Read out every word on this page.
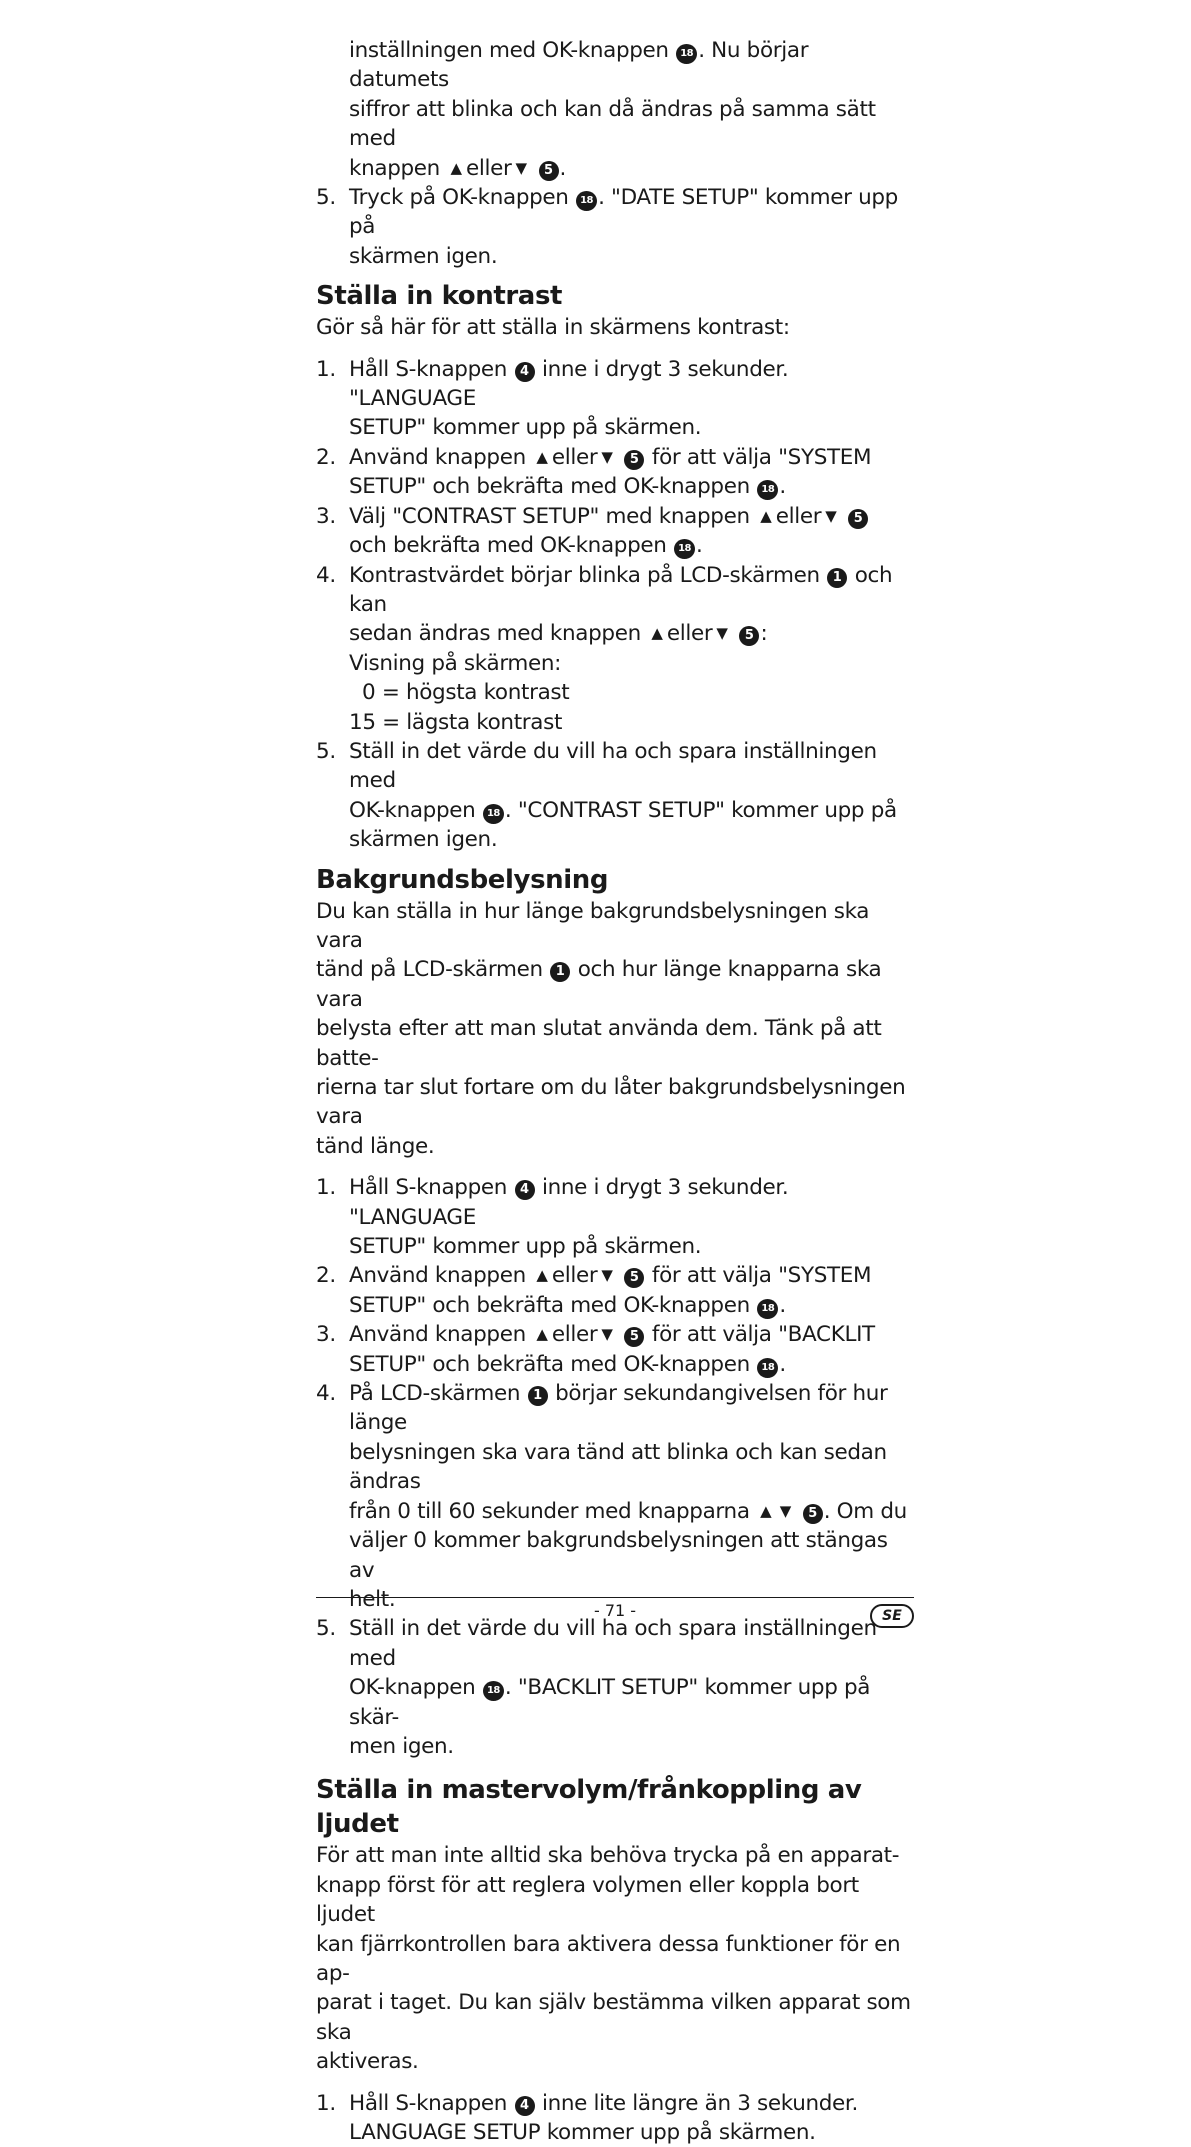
inställningen med OK-knappen 18 . Nu börjar datumets
siffror att blinka och kan då ändras på samma sätt med
knappen ▲ eller ▼ 5 .
5. Tryck på OK-knappen 18 . "DATE SETUP" kommer upp på
skärmen igen.
Ställa in kontrast

Gör så här för att ställa in skärmens kontrast:

1. Håll S-knappen 4 inne i drygt 3 sekunder. "LANGUAGE
SETUP" kommer upp på skärmen.
2. Använd knappen ▲ eller ▼ 5 för att välja "SYSTEM
SETUP" och bekräfta med OK-knappen 18 .
3. Välj "CONTRAST SETUP" med knappen ▲ eller ▼ 5
och bekräfta med OK-knappen 18 .
4. Kontrastvärdet börjar blinka på LCD-skärmen 1 och kan
sedan ändras med knappen ▲ eller ▼ 5 :
Visning på skärmen:
0 = högsta kontrast
15 = lägsta kontrast
5. Ställ in det värde du vill ha och spara inställningen med
OK-knappen 18 . "CONTRAST SETUP" kommer upp på
skärmen igen.
Bakgrundsbelysning

Du kan ställa in hur länge bakgrundsbelysningen ska vara
tänd på LCD-skärmen 1 och hur länge knapparna ska vara
belysta efter att man slutat använda dem. Tänk på att batte-
rierna tar slut fortare om du låter bakgrundsbelysningen vara
tänd länge.

1. Håll S-knappen 4 inne i drygt 3 sekunder. "LANGUAGE
SETUP" kommer upp på skärmen.
2. Använd knappen ▲ eller ▼ 5 för att välja "SYSTEM
SETUP" och bekräfta med OK-knappen 18 .
3. Använd knappen ▲ eller ▼ 5 för att välja "BACKLIT
SETUP" och bekräfta med OK-knappen 18 .
4. På LCD-skärmen 1 börjar sekundangivelsen för hur länge
belysningen ska vara tänd att blinka och kan sedan ändras
från 0 till 60 sekunder med knapparna ▲ ▼ 5 . Om du
väljer 0 kommer bakgrundsbelysningen att stängas av
helt.
5. Ställ in det värde du vill ha och spara inställningen med
OK-knappen 18 . "BACKLIT SETUP" kommer upp på skär-
men igen.
Ställa in mastervolym/frånkoppling av ljudet

För att man inte alltid ska behöva trycka på en apparat-
knapp först för att reglera volymen eller koppla bort ljudet
kan fjärrkontrollen bara aktivera dessa funktioner för en ap-
parat i taget. Du kan själv bestämma vilken apparat som ska
aktiveras.

1. Håll S-knappen 4 inne lite längre än 3 sekunder.
LANGUAGE SETUP kommer upp på skärmen.
- 71 -	SE
